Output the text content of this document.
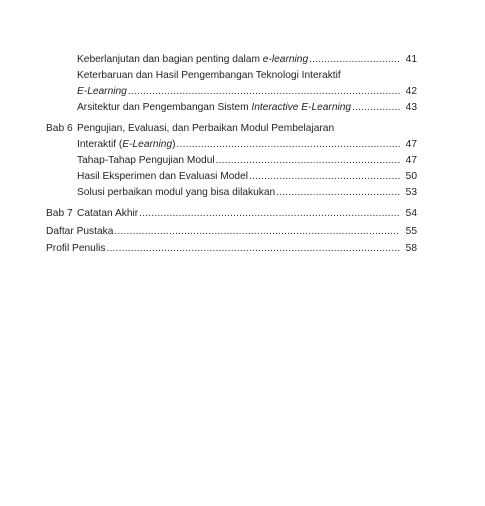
Keberlanjutan dan bagian penting dalam e-learning .....	41
Keterbaruan dan Hasil Pengembangan Teknologi Interaktif
E-Learning .....	42
Arsitektur dan Pengembangan Sistem Interactive E-Learning .....	43
Bab 6 Pengujian, Evaluasi, dan Perbaikan Modul Pembelajaran
Interaktif (E-Learning) .....	47
Tahap-Tahap Pengujian Modul .....	47
Hasil Eksperimen dan Evaluasi Model .....	50
Solusi perbaikan modul yang bisa dilakukan .....	53
Bab 7 Catatan Akhir .....	54
Daftar Pustaka .....	55
Profil Penulis .....	58
